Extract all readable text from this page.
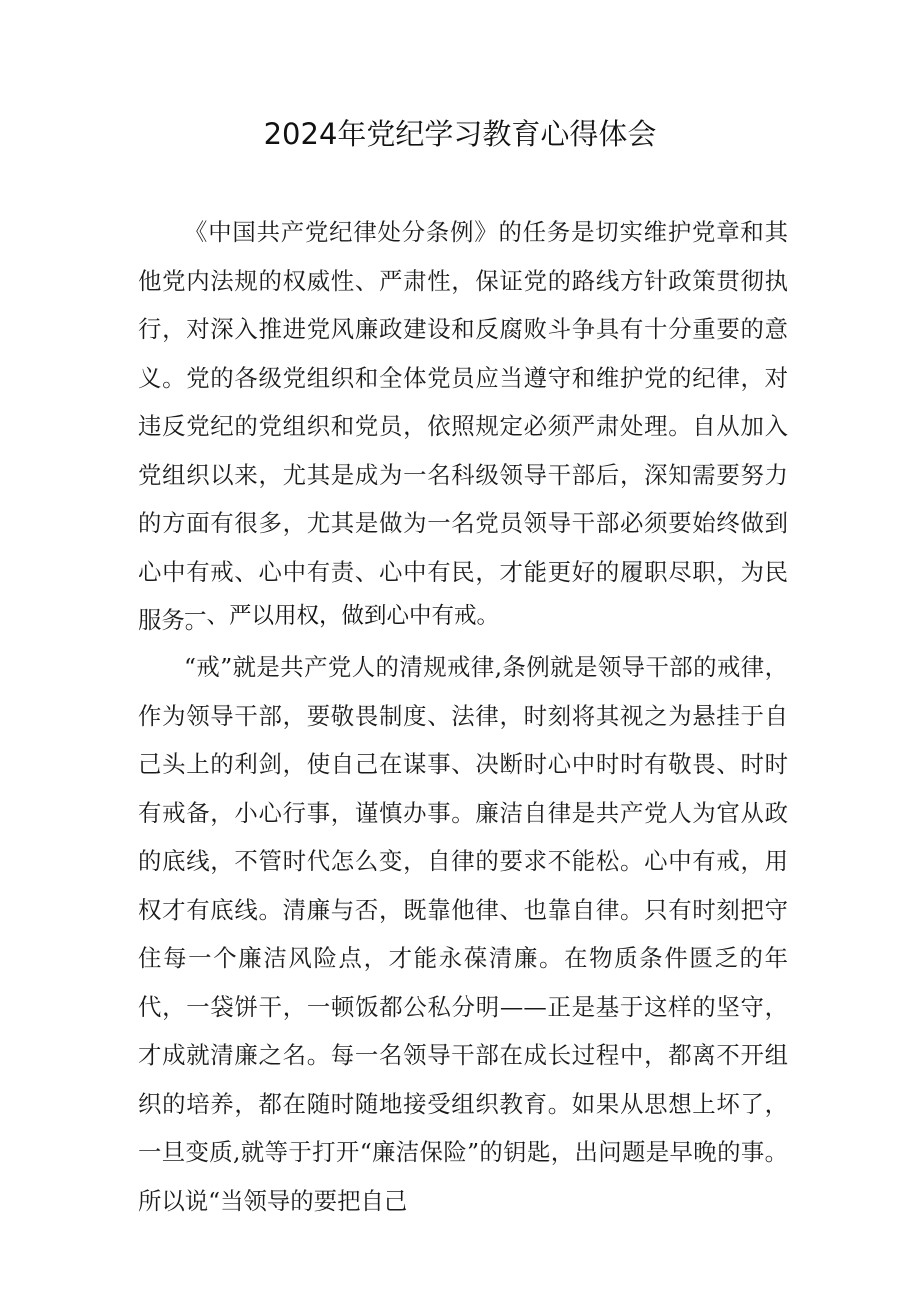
2024年党纪学习教育心得体会

《中国共产党纪律处分条例》的任务是切实维护党章和其他党内法规的权威性、严肃性，保证党的路线方针政策贯彻执行，对深入推进党风廉政建设和反腐败斗争具有十分重要的意义。党的各级党组织和全体党员应当遵守和维护党的纪律，对违反党纪的党组织和党员，依照规定必须严肃处理。自从加入党组织以来，尤其是成为一名科级领导干部后，深知需要努力的方面有很多，尤其是做为一名党员领导干部必须要始终做到心中有戒、心中有责、心中有民，才能更好的履职尽职，为民服务。

一、严以用权，做到心中有戒。

“戒”就是共产党人的清规戒律,条例就是领导干部的戒律，作为领导干部，要敬畏制度、法律，时刻将其视之为悬挂于自己头上的利剑，使自己在谋事、决断时心中时时有敬畏、时时有戒备，小心行事，谨慎办事。廉洁自律是共产党人为官从政的底线，不管时代怎么变，自律的要求不能松。心中有戒，用权才有底线。清廉与否，既靠他律、也靠自律。只有时刻把守住每一个廉洁风险点，才能永葆清廉。在物质条件匮乏的年代，一袋饼干，一顿饭都公私分明——正是基于这样的坚守，才成就清廉之名。每一名领导干部在成长过程中，都离不开组织的培养，都在随时随地接受组织教育。如果从思想上坏了，一旦变质,就等于打开“廉洁保险”的钥匙，出问题是早晚的事。所以说“当领导的要把自己
